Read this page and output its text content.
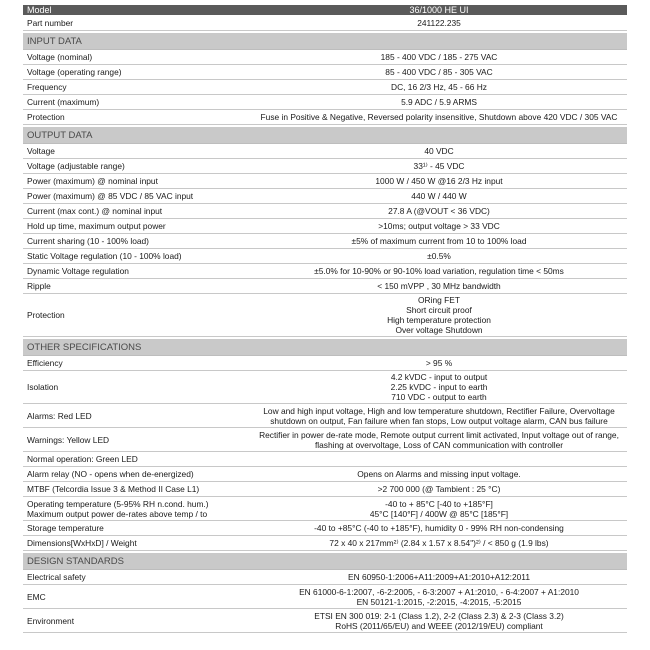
Model	36/1000 HE UI
Part number	241122.235

INPUT DATA	
Voltage (nominal)	185 - 400 VDC / 185 - 275 VAC
Voltage (operating range)	85 - 400 VDC / 85 - 305 VAC
Frequency	DC, 16 2/3 Hz, 45 - 66 Hz
Current (maximum)	5.9 ADC / 5.9 ARMS
Protection	Fuse in Positive & Negative, Reversed polarity insensitive, Shutdown above 420 VDC / 305 VAC

OUTPUT DATA	
Voltage	40 VDC
Voltage (adjustable range)	33¹⁾ - 45 VDC
Power (maximum) @ nominal input	1000 W / 450 W @16 2/3 Hz input
Power (maximum) @ 85 VDC / 85 VAC input	440 W / 440 W
Current (max cont.) @ nominal input	27.8 A (@VOUT < 36 VDC)
Hold up time, maximum output power	>10ms; output voltage > 33 VDC
Current sharing (10 - 100% load)	±5% of maximum current from 10 to 100% load
Static Voltage regulation (10 - 100% load)	±0.5%
Dynamic Voltage regulation	±5.0% for 10-90% or 90-10% load variation, regulation time < 50ms
Ripple	< 150 mVPP , 30 MHz bandwidth
Protection	ORing FET
Short circuit proof
High temperature protection
Over voltage Shutdown

OTHER SPECIFICATIONS	
Efficiency	> 95 %
Isolation	4.2 kVDC - input to output
2.25 kVDC - input to earth
710 VDC - output to earth

Alarms: Red LED	Low and high input voltage, High and low temperature shutdown, Rectifier Failure, Overvoltage
shutdown on output, Fan failure when fan stops, Low output voltage alarm, CAN bus failure

Warnings: Yellow LED	Rectifier in power de-rate mode, Remote output current limit activated, Input voltage out of range,
flashing at overvoltage, Loss of CAN communication with controller

Normal operation: Green LED	
Alarm relay (NO - opens when de-energized)	Opens on Alarms and missing input voltage.
MTBF (Telcordia Issue 3 & Method II Case L1)	>2 700 000 (@ Tambient : 25 °C)

Operating temperature (5-95% RH n.cond. hum.)
Maximum output power de-rates above temp / to	-40 to + 85°C [-40 to +185°F]
45°C [140°F] / 400W @ 85°C [185°F]

Storage temperature	-40 to +85°C (-40 to +185°F), humidity 0 - 99% RH non-condensing
Dimensions[WxHxD] / Weight	72 x 40 x 217mm²⁾ (2.84 x 1.57 x 8.54")²⁾ / < 850 g (1.9 lbs)

DESIGN STANDARDS	
Electrical safety	EN 60950-1:2006+A11:2009+A1:2010+A12:2011
EMC	EN 61000-6-1:2007, -6-2:2005, - 6-3:2007 + A1:2010, - 6-4:2007 + A1:2010
EN 50121-1:2015, -2:2015, -4:2015, -5:2015

Environment	ETSI EN 300 019: 2-1 (Class 1.2), 2-2 (Class 2.3) & 2-3 (Class 3.2)
RoHS (2011/65/EU) and WEEE (2012/19/EU) compliant
